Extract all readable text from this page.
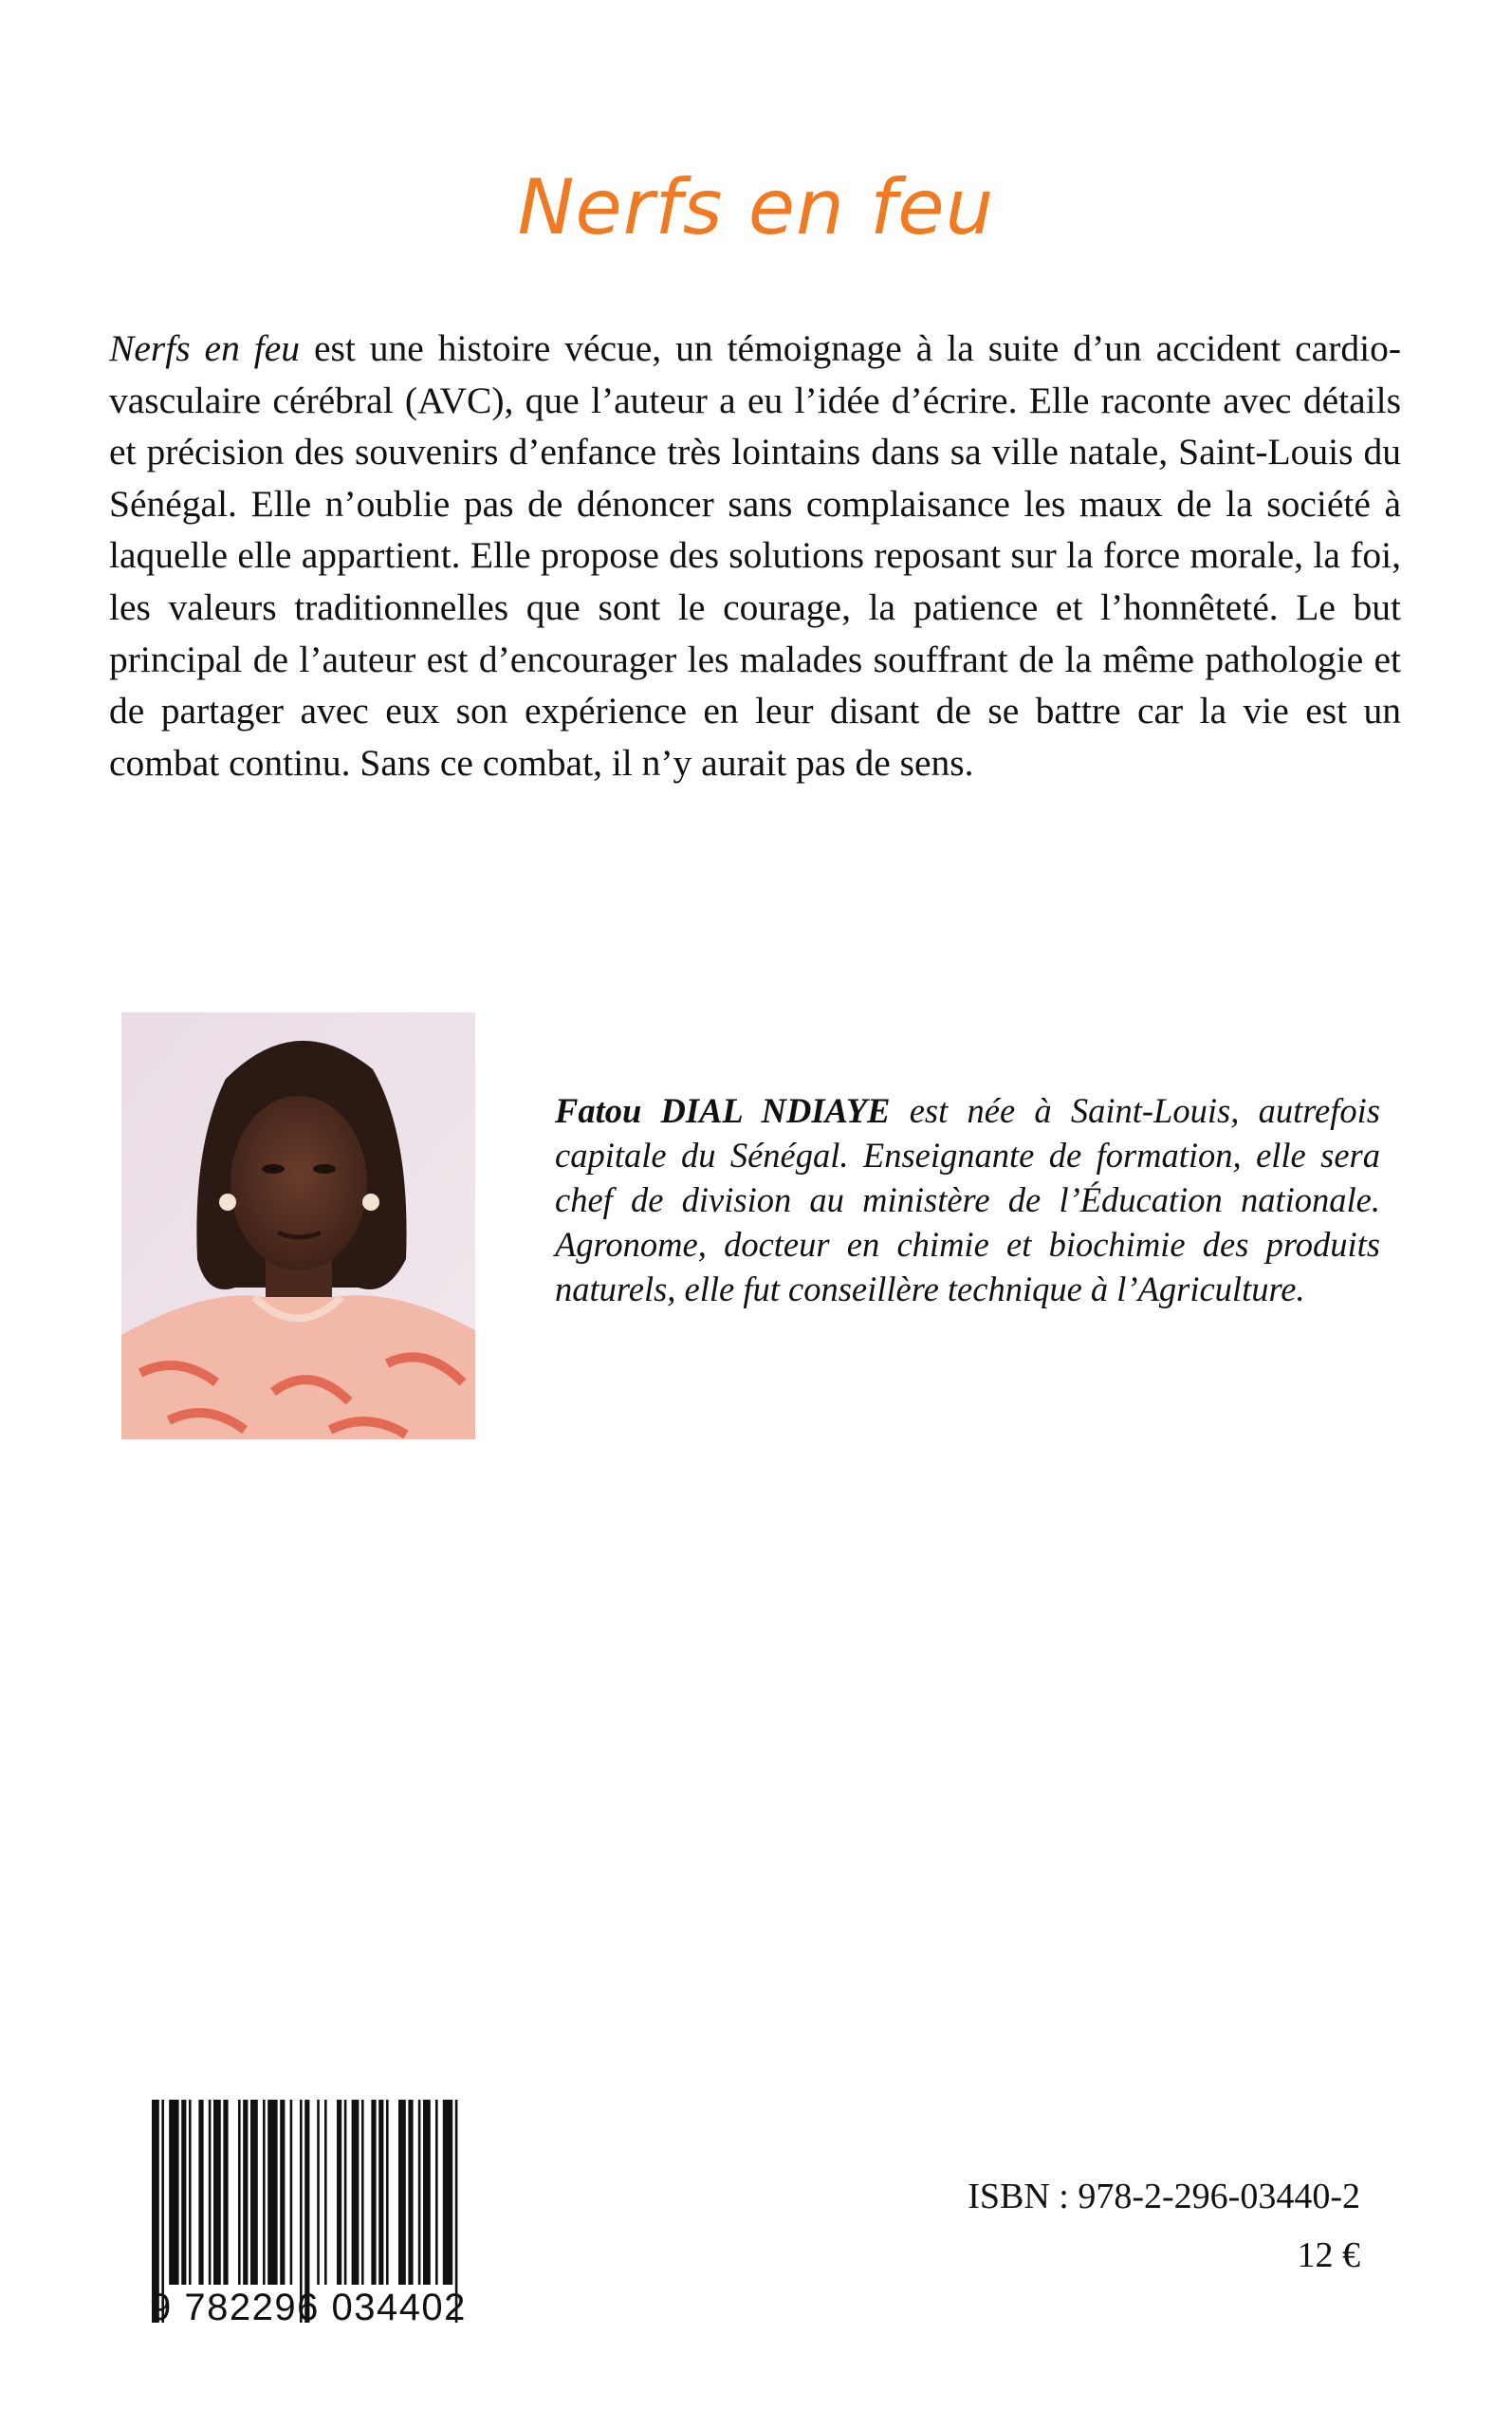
Nerfs en feu

Nerfs en feu est une histoire vécue, un témoignage à la suite d’un accident cardio-vasculaire cérébral (AVC), que l’auteur a eu l’idée d’écrire. Elle raconte avec détails et précision des souvenirs d’enfance très lointains dans sa ville natale, Saint-Louis du Sénégal. Elle n’oublie pas de dénoncer sans complaisance les maux de la société à laquelle elle appartient. Elle propose des solutions reposant sur la force morale, la foi, les valeurs traditionnelles que sont le courage, la patience et l’honnêteté. Le but principal de l’auteur est d’encourager les malades souffrant de la même pathologie et de partager avec eux son expérience en leur disant de se battre car la vie est un combat continu. Sans ce combat, il n’y aurait pas de sens.

Fatou DIAL NDIAYE est née à Saint-Louis, autrefois capitale du Sénégal. Enseignante de formation, elle sera chef de division au ministère de l’Éducation nationale. Agronome, docteur en chimie et biochimie des produits naturels, elle fut conseillère technique à l’Agriculture.

9 782296 034402
ISBN : 978-2-296-03440-2
12 €
